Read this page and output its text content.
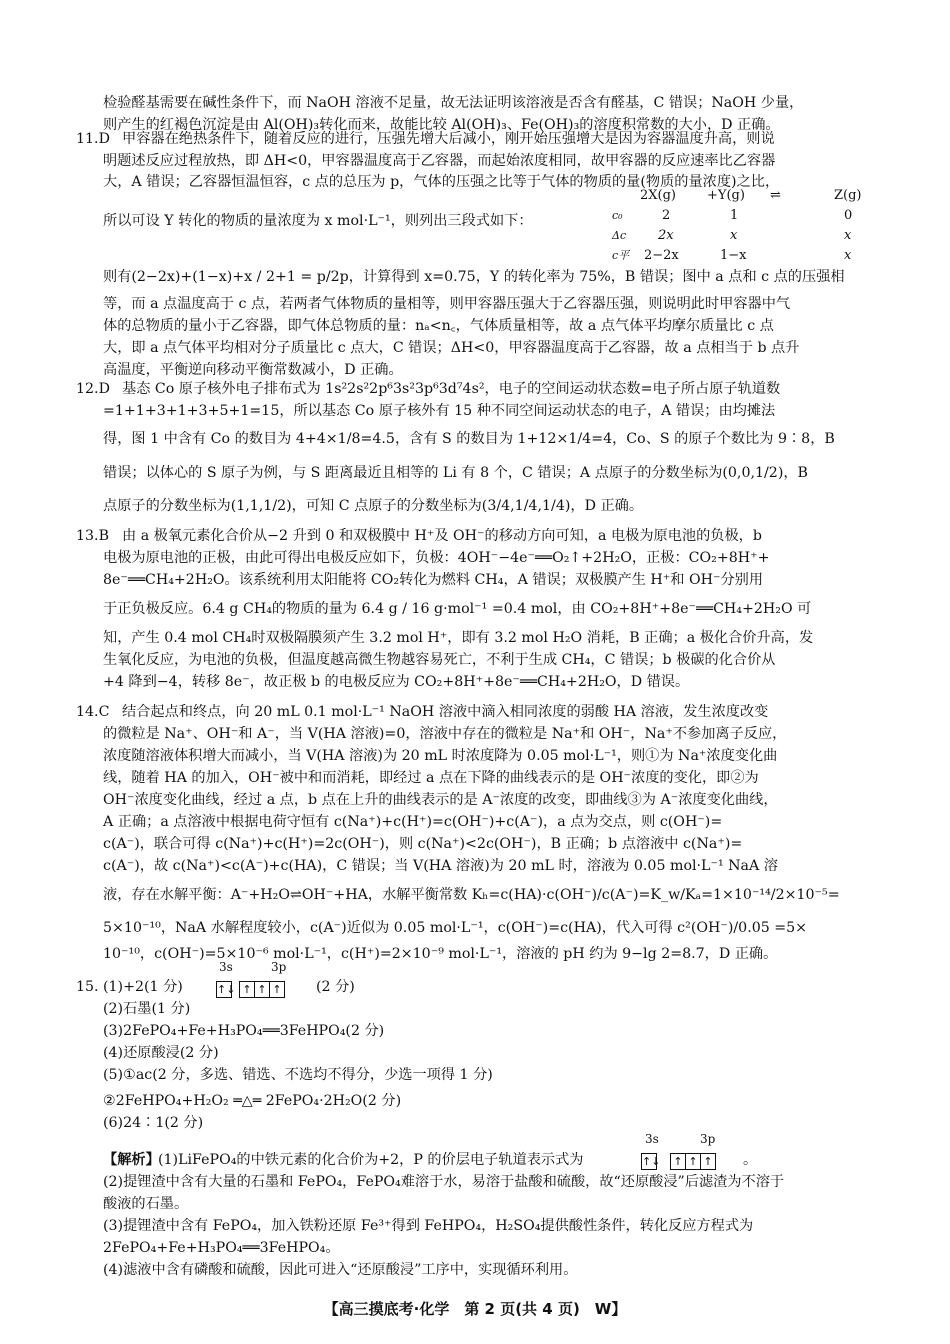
检验醛基需要在碱性条件下，而 NaOH 溶液不足量，故无法证明该溶液是否含有醛基，C 错误；NaOH 少量，
则产生的红褐色沉淀是由 Al(OH)₃转化而来，故能比较 Al(OH)₃、Fe(OH)₃的溶度积常数的大小，D 正确。
11.D 甲容器在绝热条件下，随着反应的进行，压强先增大后减小，刚开始压强增大是因为容器温度升高，则说
明题述反应过程放热，即 ΔH<0，甲容器温度高于乙容器，而起始浓度相同，故甲容器的反应速率比乙容器
大，A 错误；乙容器恒温恒容，c 点的总压为 p，气体的压强之比等于气体的物质的量(物质的量浓度)之比，
所以可设 Y 转化的物质的量浓度为 x mol·L⁻¹，则列出三段式如下：
2X(g) +Y(g) ⇌	Z(g)
c₀	2	1	0
Δc 2x	x	x
c平 2−2x	1−x	x
则有(2−2x)+(1−x)+x / 2+1 = p/2p，计算得到 x=0.75，Y 的转化率为 75%，B 错误；图中 a 点和 c 点的压强相
等，而 a 点温度高于 c 点，若两者气体物质的量相等，则甲容器压强大于乙容器压强，则说明此时甲容器中气
体的总物质的量小于乙容器，即气体总物质的量：nₐ<n꜀，气体质量相等，故 a 点气体平均摩尔质量比 c 点
大，即 a 点气体平均相对分子质量比 c 点大，C 错误；ΔH<0，甲容器温度高于乙容器，故 a 点相当于 b 点升
高温度，平衡逆向移动平衡常数减小，D 正确。
12.D 基态 Co 原子核外电子排布式为 1s²2s²2p⁶3s²3p⁶3d⁷4s²，电子的空间运动状态数=电子所占原子轨道数
=1+1+3+1+3+5+1=15，所以基态 Co 原子核外有 15 种不同空间运动状态的电子，A 错误；由均摊法
得，图 1 中含有 Co 的数目为 4+4×1/8=4.5，含有 S 的数目为 1+12×1/4=4，Co、S 的原子个数比为 9∶8，B
错误；以体心的 S 原子为例，与 S 距离最近且相等的 Li 有 8 个，C 错误；A 点原子的分数坐标为(0,0,1/2)，B
点原子的分数坐标为(1,1,1/2)，可知 C 点原子的分数坐标为(3/4,1/4,1/4)，D 正确。
13.B 由 a 极氧元素化合价从−2 升到 0 和双极膜中 H⁺及 OH⁻的移动方向可知，a 电极为原电池的负极，b
电极为原电池的正极，由此可得出电极反应如下，负极：4OH⁻−4e⁻══O₂↑+2H₂O，正极：CO₂+8H⁺+
8e⁻══CH₄+2H₂O。该系统利用太阳能将 CO₂转化为燃料 CH₄，A 错误；双极膜产生 H⁺和 OH⁻分别用
于正负极反应。6.4 g CH₄的物质的量为 6.4 g / 16 g·mol⁻¹ =0.4 mol，由 CO₂+8H⁺+8e⁻══CH₄+2H₂O 可
知，产生 0.4 mol CH₄时双极隔膜须产生 3.2 mol H⁺，即有 3.2 mol H₂O 消耗，B 正确；a 极化合价升高，发
生氧化反应，为电池的负极，但温度越高微生物越容易死亡，不利于生成 CH₄，C 错误；b 极碳的化合价从
+4 降到−4，转移 8e⁻，故正极 b 的电极反应为 CO₂+8H⁺+8e⁻══CH₄+2H₂O，D 错误。
14.C 结合起点和终点，向 20 mL 0.1 mol·L⁻¹ NaOH 溶液中滴入相同浓度的弱酸 HA 溶液，发生浓度改变
的微粒是 Na⁺、OH⁻和 A⁻，当 V(HA 溶液)=0，溶液中存在的微粒是 Na⁺和 OH⁻，Na⁺不参加离子反应，
浓度随溶液体积增大而减小，当 V(HA 溶液)为 20 mL 时浓度降为 0.05 mol·L⁻¹，则①为 Na⁺浓度变化曲
线，随着 HA 的加入，OH⁻被中和而消耗，即经过 a 点在下降的曲线表示的是 OH⁻浓度的变化，即②为
OH⁻浓度变化曲线，经过 a 点，b 点在上升的曲线表示的是 A⁻浓度的改变，即曲线③为 A⁻浓度变化曲线，
A 正确；a 点溶液中根据电荷守恒有 c(Na⁺)+c(H⁺)=c(OH⁻)+c(A⁻)，a 点为交点，则 c(OH⁻)=
c(A⁻)，联合可得 c(Na⁺)+c(H⁺)=2c(OH⁻)，则 c(Na⁺)<2c(OH⁻)，B 正确；b 点溶液中 c(Na⁺)=
c(A⁻)，故 c(Na⁺)<c(A⁻)+c(HA)，C 错误；当 V(HA 溶液)为 20 mL 时，溶液为 0.05 mol·L⁻¹ NaA 溶
液，存在水解平衡：A⁻+H₂O⇌OH⁻+HA，水解平衡常数 Kₕ=c(HA)·c(OH⁻)/c(A⁻)=K_w/Kₐ=1×10⁻¹⁴/2×10⁻⁵=
5×10⁻¹⁰，NaA 水解程度较小，c(A⁻)近似为 0.05 mol·L⁻¹，c(OH⁻)=c(HA)，代入可得 c²(OH⁻)/0.05 =5×
10⁻¹⁰，c(OH⁻)=5×10⁻⁶ mol·L⁻¹，c(H⁺)=2×10⁻⁹ mol·L⁻¹，溶液的 pH 约为 9−lg 2=8.7，D 正确。
15. (1)+2(1 分)
3s	3p
↑↓ ↑ ↑ ↑ (2 分)
(2)石墨(1 分)
(3)2FePO₄+Fe+H₃PO₄══3FeHPO₄(2 分)
(4)还原酸浸(2 分)
(5)①ac(2 分，多选、错选、不选均不得分，少选一项得 1 分)
②2FeHPO₄+H₂O₂ ═△═ 2FePO₄·2H₂O(2 分)
(6)24∶1(2 分)
【解析】
(1)LiFePO₄的中铁元素的化合价为+2，P 的价层电子轨道表示式为
3s	3p
↑↓ ↑ ↑ ↑ 。
(2)提锂渣中含有大量的石墨和 FePO₄，FePO₄难溶于水，易溶于盐酸和硫酸，故“还原酸浸”后滤渣为不溶于
酸液的石墨。
(3)提锂渣中含有 FePO₄，加入铁粉还原 Fe³⁺得到 FeHPO₄，H₂SO₄提供酸性条件，转化反应方程式为
2FePO₄+Fe+H₃PO₄══3FeHPO₄。
(4)滤液中含有磷酸和硫酸，因此可进入“还原酸浸”工序中，实现循环利用。
【高三摸底考·化学　第 2 页(共 4 页)　W】
